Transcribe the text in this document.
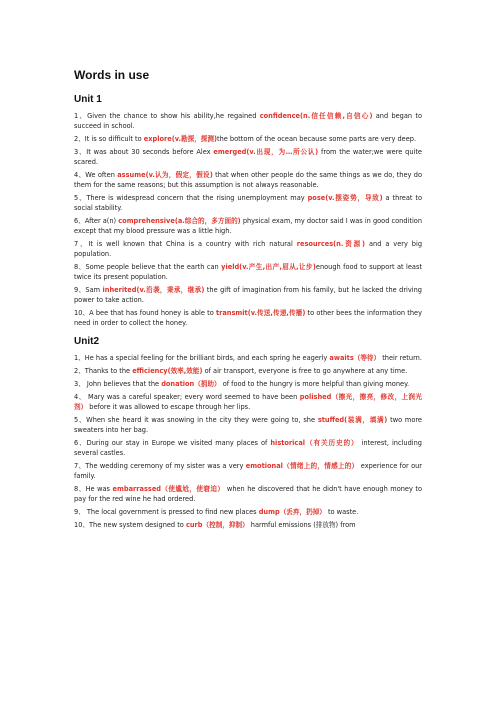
Words in use
Unit 1

1、Given the chance to show his ability,he regained confidence(n.信任信赖,自信心) and began to succeed in school.

2、It is so difficult to explore(v.勘探，探测)the bottom of the ocean because some parts are very deep.

3、It was about 30 seconds before Alex emerged(v.出现，为…所公认) from the water;we were quite scared.

4、We often assume(v.认为，假定，假设) that when other people do the same things as we do, they do them for the same reasons; but this assumption is not always reasonable.

5、There is widespread concern that the rising unemployment may pose(v.摆姿势，导致) a threat to social stability.

6、After a(n) comprehensive(a.综合的，多方面的) physical exam, my doctor said I was in good condition except that my blood pressure was a little high.

7、It is well known that China is a country with rich natural resources(n.资源) and a very big population.

8、Some people believe that the earth can yield(v.产生,出产,屈从,让步)enough food to support at least twice its present population.

9、Sam inherited(v.沿袭，秉承，继承) the gift of imagination from his family, but he lacked the driving power to take action.

10、A bee that has found honey is able to transmit(v.传送,传递,传播) to other bees the information they need in order to collect the honey.

Unit2

1、He has a special feeling for the brilliant birds, and each spring he eagerly awaits（等待） their return.

2、Thanks to the efficiency(效率,效能) of air transport, everyone is free to go anywhere at any time.

3、 John believes that the donation（捐助） of food to the hungry is more helpful than giving money.

4、 Mary was a careful speaker; every word seemed to have been polished（擦光，擦亮，修改，上润光剂） before it was allowed to escape through her lips.

5、When she heard it was snowing in the city they were going to, she stuffed(装满，填满) two more sweaters into her bag.

6、During our stay in Europe we visited many places of historical（有关历史的） interest, including several castles.

7、The wedding ceremony of my sister was a very emotional（情绪上的，情感上的） experience for our family.

8、He was embarrassed（使尴尬，使窘迫） when he discovered that he didn't have enough money to pay for the red wine he had ordered.

9、 The local government is pressed to find new places dump（丢弃，扔掉） to waste.

10、The new system designed to curb（控制，抑制） harmful emissions (排放物) from
